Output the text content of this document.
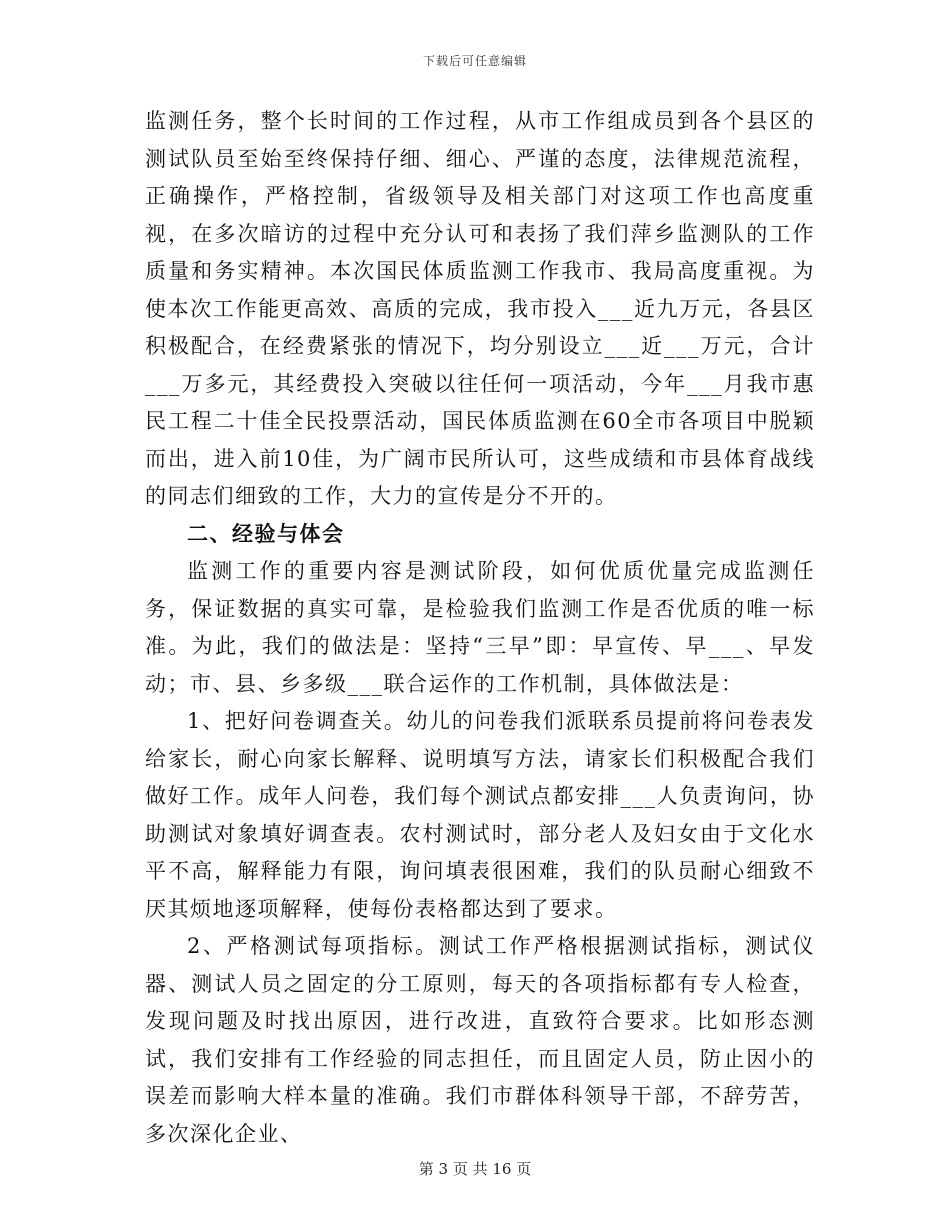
下载后可任意编辑

监测任务，整个长时间的工作过程，从市工作组成员到各个县区的测试队员至始至终保持仔细、细心、严谨的态度，法律规范流程，正确操作，严格控制，省级领导及相关部门对这项工作也高度重视，在多次暗访的过程中充分认可和表扬了我们萍乡监测队的工作质量和务实精神。本次国民体质监测工作我市、我局高度重视。为使本次工作能更高效、高质的完成，我市投入___近九万元，各县区积极配合，在经费紧张的情况下，均分别设立___近___万元，合计___万多元，其经费投入突破以往任何一项活动，今年___月我市惠民工程二十佳全民投票活动，国民体质监测在60全市各项目中脱颖而出，进入前10佳，为广阔市民所认可，这些成绩和市县体育战线的同志们细致的工作，大力的宣传是分不开的。

二、经验与体会

监测工作的重要内容是测试阶段，如何优质优量完成监测任务，保证数据的真实可靠，是检验我们监测工作是否优质的唯一标准。为此，我们的做法是：坚持“三早”即：早宣传、早___、早发动；市、县、乡多级___联合运作的工作机制，具体做法是：

1、把好问卷调查关。幼儿的问卷我们派联系员提前将问卷表发给家长，耐心向家长解释、说明填写方法，请家长们积极配合我们做好工作。成年人问卷，我们每个测试点都安排___人负责询问，协助测试对象填好调查表。农村测试时，部分老人及妇女由于文化水平不高，解释能力有限，询问填表很困难，我们的队员耐心细致不厌其烦地逐项解释，使每份表格都达到了要求。

2、严格测试每项指标。测试工作严格根据测试指标，测试仪器、测试人员之固定的分工原则，每天的各项指标都有专人检查，发现问题及时找出原因，进行改进，直致符合要求。比如形态测试，我们安排有工作经验的同志担任，而且固定人员，防止因小的误差而影响大样本量的准确。我们市群体科领导干部，不辞劳苦，多次深化企业、

第 3 页 共 16 页
